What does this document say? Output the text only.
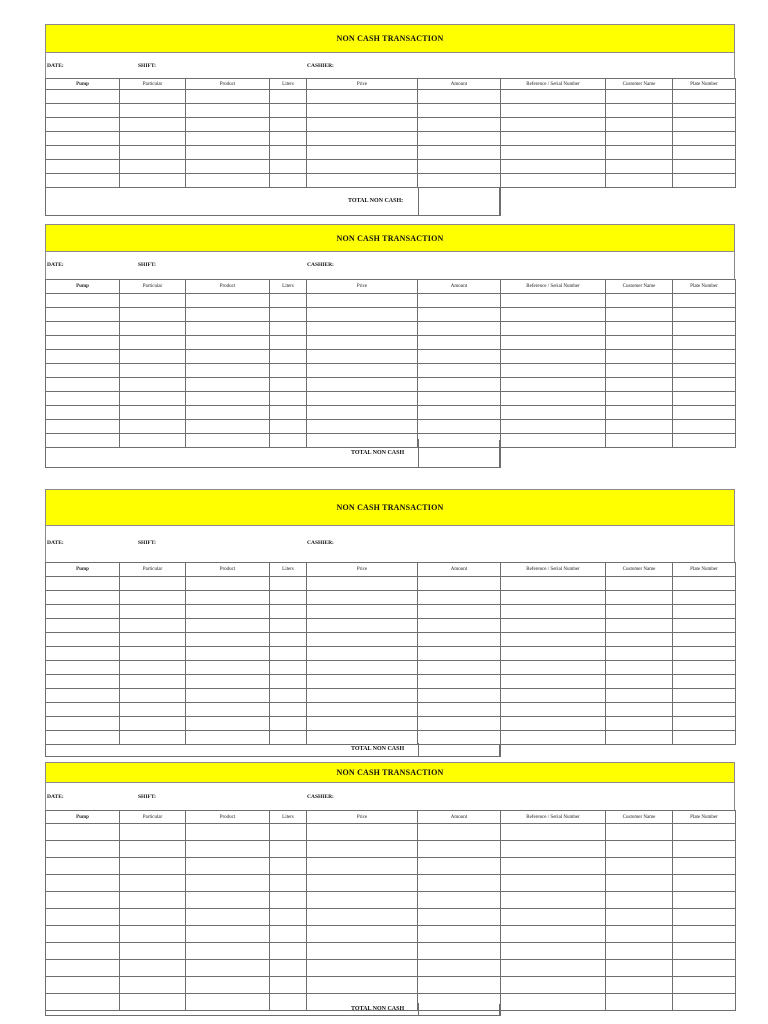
NON CASH TRANSACTION
DATE:	SHIFT:	CASHIER:
Pump	Particular	Product	Liters	Price	Amount	Reference / Serial Number	Customer Name	Plate Number

TOTAL NON CASH:
NON CASH TRANSACTION
DATE:	SHIFT:	CASHIER:
Pump	Particular	Product	Liters	Price	Amount	Reference / Serial Number	Customer Name	Plate Number

TOTAL NON CASH
NON CASH TRANSACTION
DATE:	SHIFT:	CASHIER:
Pump	Particular	Product	Liters	Price	Amount	Reference / Serial Number	Customer Name	Plate Number

TOTAL NON CASH
NON CASH TRANSACTION
DATE:	SHIFT:	CASHIER:
Pump	Particular	Product	Liters	Price	Amount	Reference / Serial Number	Customer Name	Plate Number

TOTAL NON CASH
